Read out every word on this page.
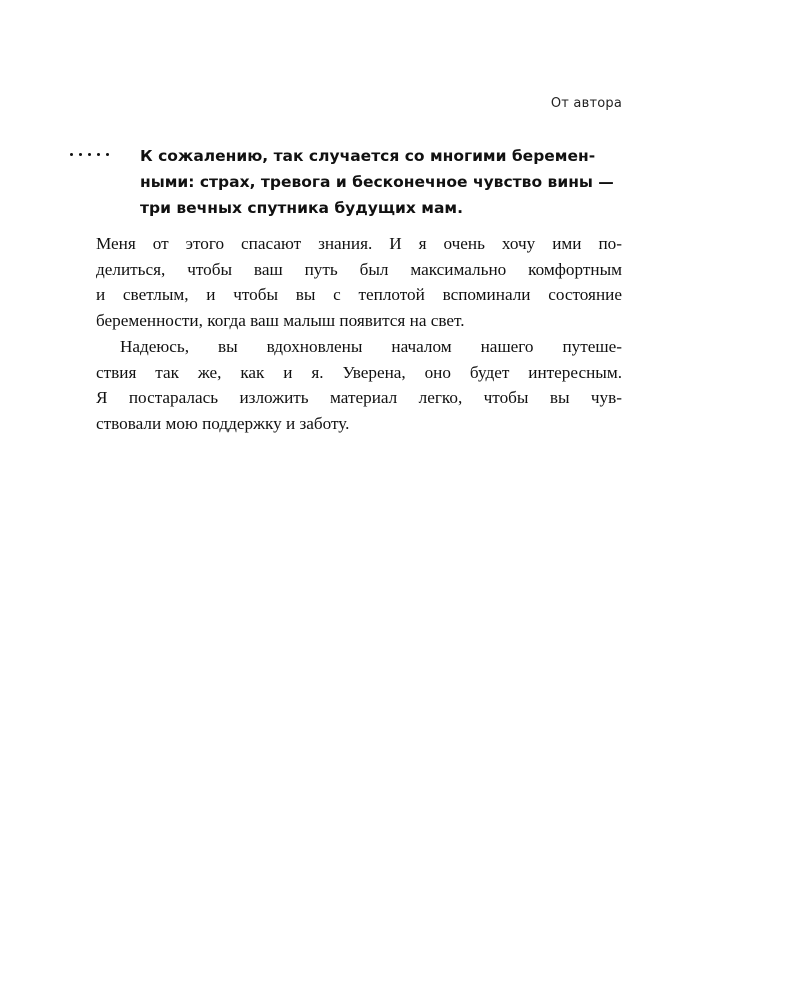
От автора

К сожалению, так случается со многими беремен-
ными: страх, тревога и бесконечное чувство вины —
три вечных спутника будущих мам.

Меня от этого спасают знания. И я очень хочу ими по-
делиться, чтобы ваш путь был максимально комфортным
и светлым, и чтобы вы с теплотой вспоминали состояние
беременности, когда ваш малыш появится на свет.

Надеюсь, вы вдохновлены началом нашего путеше-
ствия так же, как и я. Уверена, оно будет интересным.
Я постаралась изложить материал легко, чтобы вы чув-
ствовали мою поддержку и заботу.
